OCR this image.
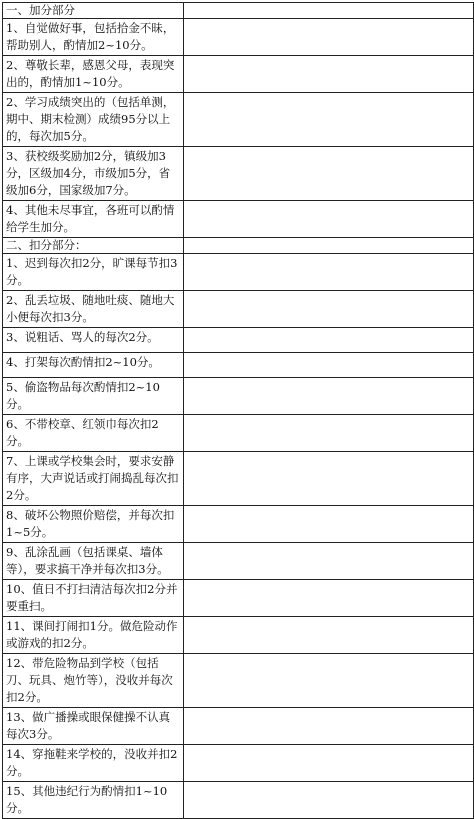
一、加分部分	
1、自觉做好事，包括拾金不昧，帮助别人，酌情加2~10分。	
2、尊敬长辈，感恩父母，表现突出的，酌情加1~10分。	
2、学习成绩突出的（包括单测，期中、期末检测）成绩95分以上的，每次加5分。	
3、获校级奖励加2分，镇级加3分，区级加4分，市级加5分，省级加6分，国家级加7分。	
4、其他未尽事宜，各班可以酌情给学生加分。	
二、扣分部分：	
1、迟到每次扣2分，旷课每节扣3分。	
2、乱丢垃圾、随地吐痰、随地大小便每次扣3分。	
3、说粗话、骂人的每次2分。	
4、打架每次酌情扣2~10分。	
5、偷盗物品每次酌情扣2~10分。	
6、不带校章、红领巾每次扣2分。	
7、上课或学校集会时，要求安静有序，大声说话或打闹捣乱每次扣2分。	
8、破坏公物照价赔偿，并每次扣1~5分。	
9、乱涂乱画（包括课桌、墙体等），要求搞干净并每次扣3分。	
10、值日不打扫清洁每次扣2分并要重扫。	
11、课间打闹扣1分。做危险动作或游戏的扣2分。	
12、带危险物品到学校（包括刀、玩具、炮竹等），没收并每次扣2分。	
13、做广播操或眼保健操不认真每次3分。	
14、穿拖鞋来学校的，没收并扣2分。	
15、其他违纪行为酌情扣1~10分。	
